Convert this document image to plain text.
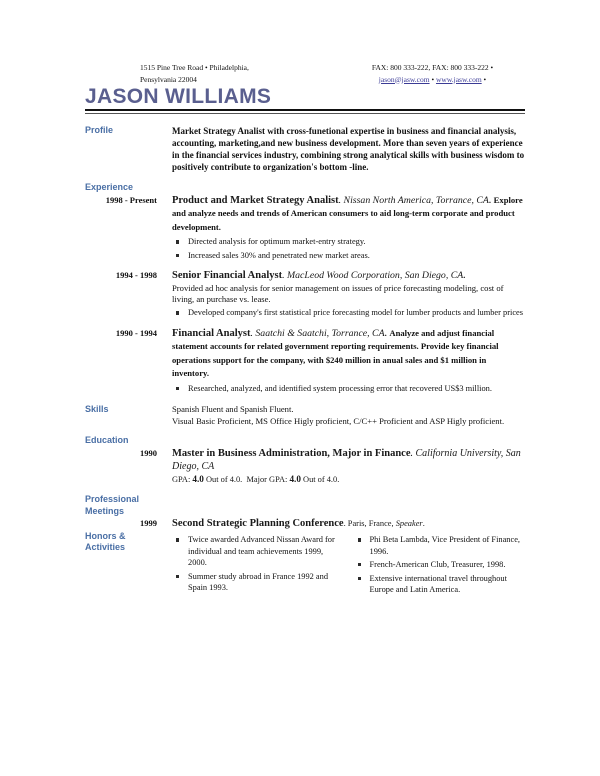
1515 Pine Tree Road • Philadelphia,
Pensylvania 22004
FAX: 800 333-222, FAX: 800 333-222 •
jason@jasw.com • www.jasw.com •
JASON WILLIAMS
Profile	Market Strategy Analist with cross-funetional expertise in business and financial analysis, accounting, marketing,and new business development. More than seven years of experience in the financial services industry, combining strong analytical skills with business wisdom to positively contribute to organization's bottom -line.
Experience
1998 - Present Product and Market Strategy Analist. Nissan North America, Torrance, CA. Explore and analyze needs and trends of American consumers to aid long-term corporate and product development.
Directed analysis for optimum market-entry strategy.
Increased sales 30% and penetrated new market areas.
1994 - 1998 Senior Financial Analyst. MacLeod Wood Corporation, San Diego, CA.
Provided ad hoc analysis for senior management on issues of price forecasting modeling, cost of living, an purchase vs. lease.
Developed company's first statistical price forecasting model for lumber products and lumber prices
1990 - 1994 Financial Analyst. Saatchi & Saatchi, Torrance, CA. Analyze and adjust financial statement accounts for related government reporting requirements. Provide key financial operations support for the company, with $240 million in anual sales and $1 million in inventory.
Researched, analyzed, and identified system processing error that recovered US$3 million.
Skills	Spanish Fluent and Spanish Fluent.
Visual Basic Proficient, MS Office Higly proficient, C/C++ Proficient and ASP Higly proficient.
Education
1990 Master in Business Administration, Major in Finance. California University, San Diego, CA
GPA: 4.0 Out of 4.0. Major GPA: 4.0 Out of 4.0.
Professional
Meetings
1999 Second Strategic Planning Conference. Paris, France, Speaker.
Honors &
Activities
Twice awarded Advanced Nissan Award for individual and team achievements 1999, 2000.
Summer study abroad in France 1992 and Spain 1993.
Phi Beta Lambda, Vice President of Finance, 1996.
French-American Club, Treasurer, 1998.
Extensive international travel throughout Europe and Latin America.
